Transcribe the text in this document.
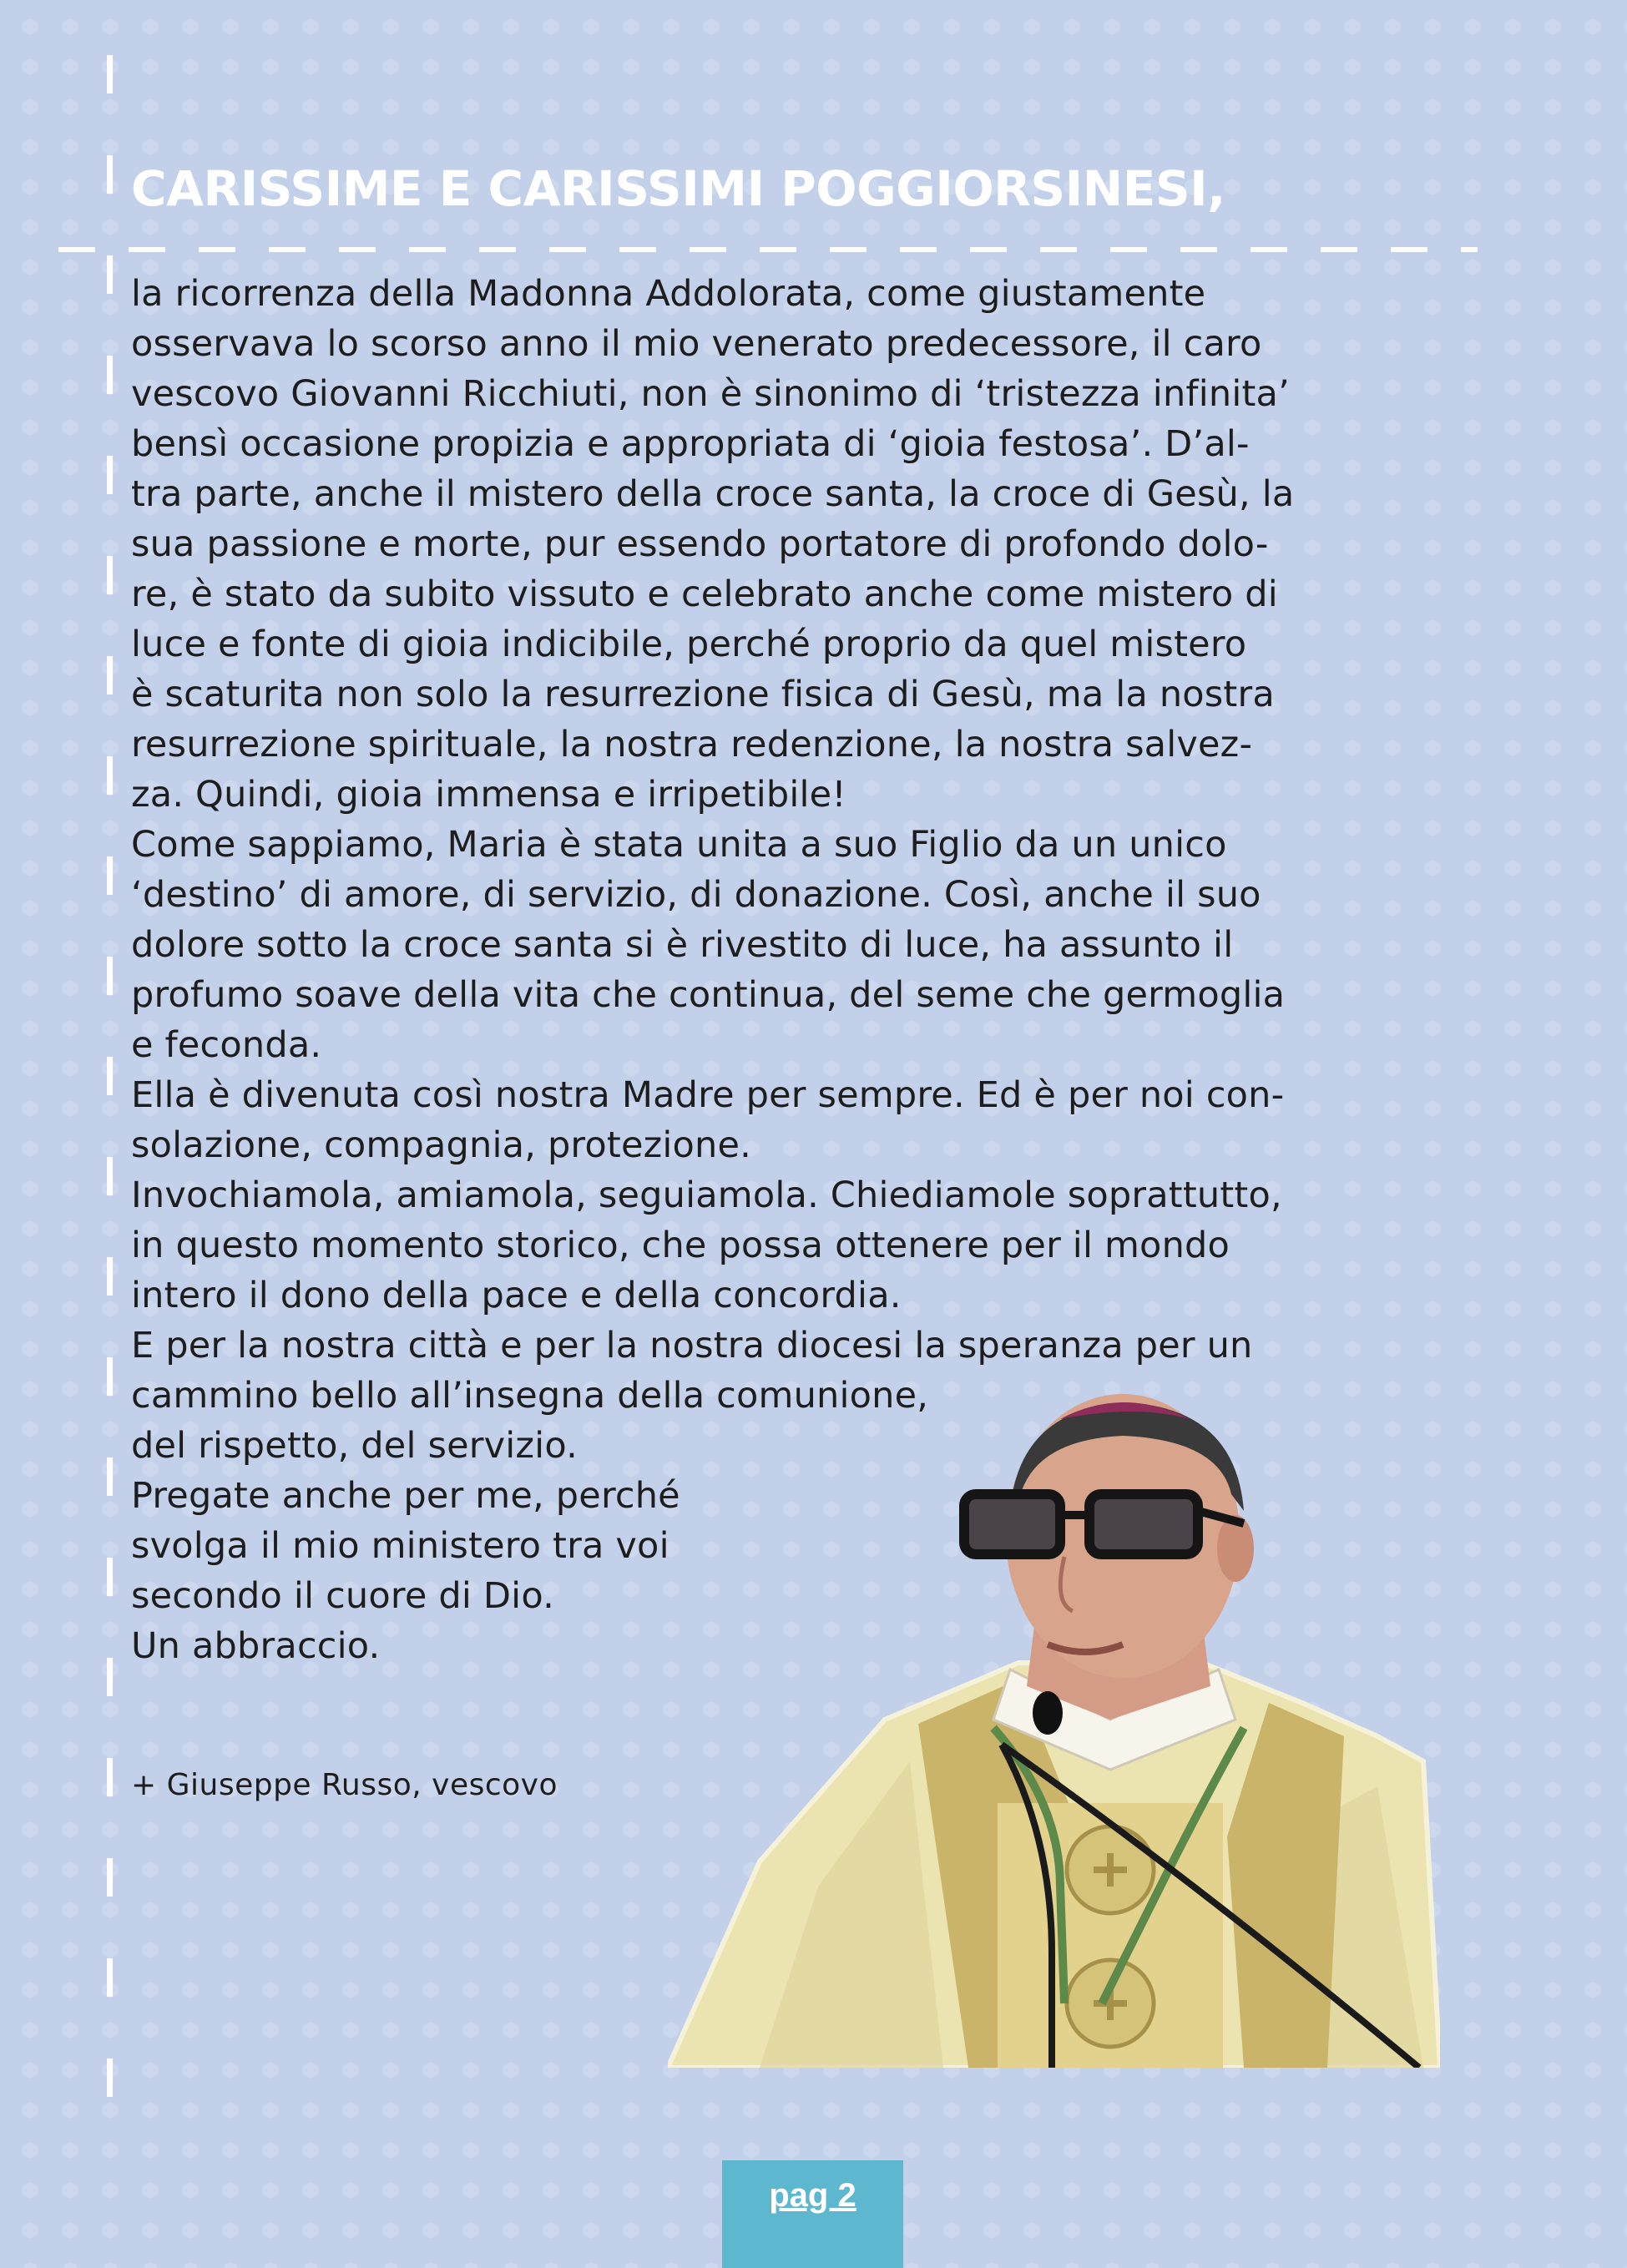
CARISSIME E CARISSIMI POGGIORSINESI,
la ricorrenza della Madonna Addolorata, come giustamente
osservava lo scorso anno il mio venerato predecessore, il caro
vescovo Giovanni Ricchiuti, non è sinonimo di ‘tristezza infinita’
bensì occasione propizia e appropriata di ‘gioia festosa’. D’al-
tra parte, anche il mistero della croce santa, la croce di Gesù, la
sua passione e morte, pur essendo portatore di profondo dolo-
re, è stato da subito vissuto e celebrato anche come mistero di
luce e fonte di gioia indicibile, perché proprio da quel mistero
è scaturita non solo la resurrezione fisica di Gesù, ma la nostra
resurrezione spirituale, la nostra redenzione, la nostra salvez-
za. Quindi, gioia immensa e irripetibile!
Come sappiamo, Maria è stata unita a suo Figlio da un unico
‘destino’ di amore, di servizio, di donazione. Così, anche il suo
dolore sotto la croce santa si è rivestito di luce, ha assunto il
profumo soave della vita che continua, del seme che germoglia
e feconda.
Ella è divenuta così nostra Madre per sempre. Ed è per noi con-
solazione, compagnia, protezione.
Invochiamola, amiamola, seguiamola. Chiediamole soprattutto,
in questo momento storico, che possa ottenere per il mondo
intero il dono della pace e della concordia.
E per la nostra città e per la nostra diocesi la speranza per un
cammino bello all’insegna della comunione,
del rispetto, del servizio.
Pregate anche per me, perché
svolga il mio ministero tra voi
secondo il cuore di Dio.
Un abbraccio.
+ Giuseppe Russo, vescovo
pag 2
